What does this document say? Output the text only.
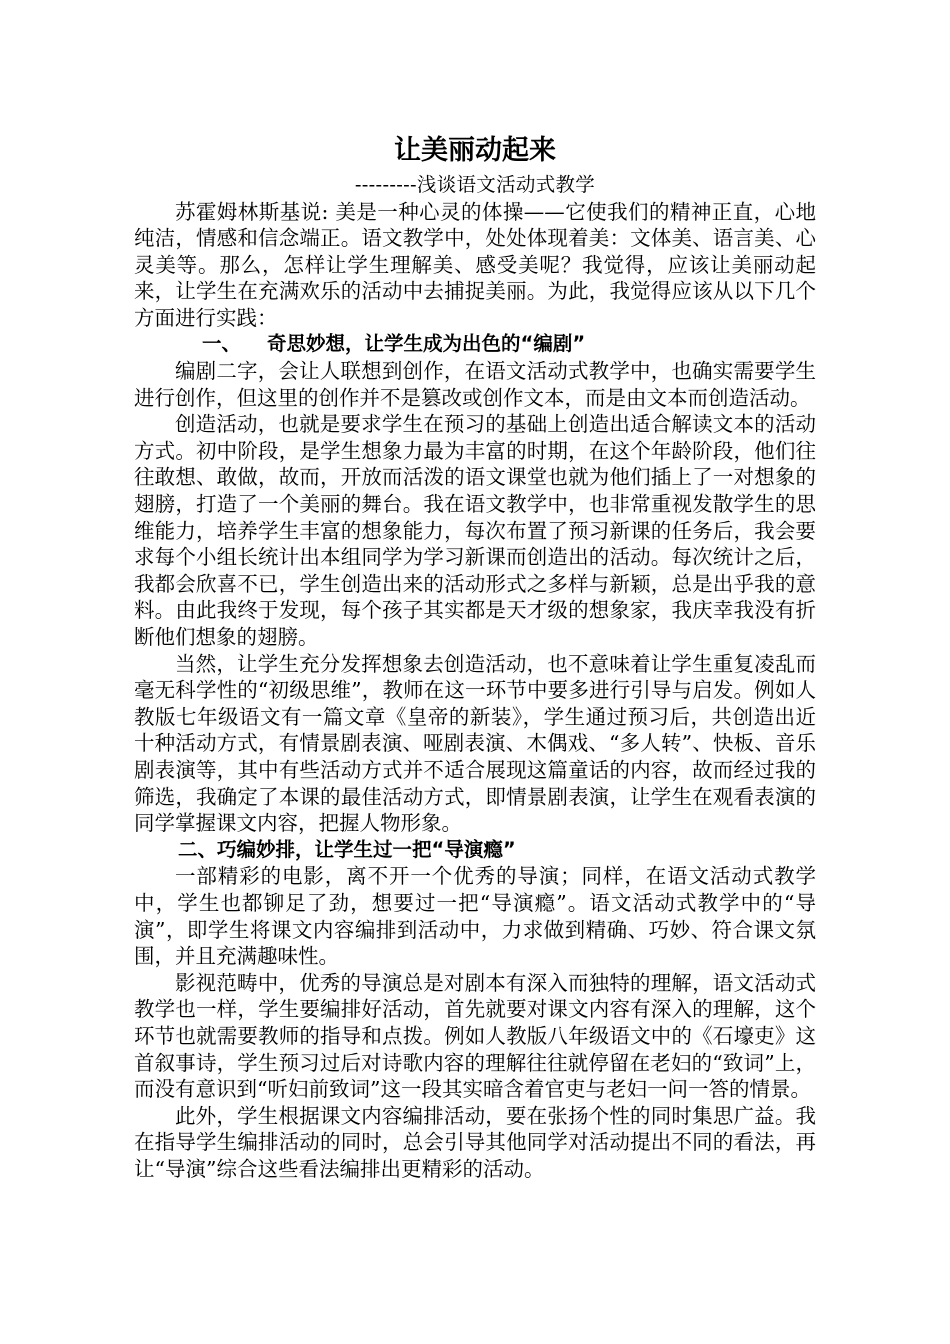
让美丽动起来

---------浅谈语文活动式教学

苏霍姆林斯基说: 美是一种心灵的体操——它使我们的精神正直，心地纯洁，情感和信念端正。语文教学中，处处体现着美：文体美、语言美、心灵美等。那么，怎样让学生理解美、感受美呢？我觉得，应该让美丽动起来，让学生在充满欢乐的活动中去捕捉美丽。为此，我觉得应该从以下几个方面进行实践：

一、 奇思妙想，让学生成为出色的“编剧”

编剧二字，会让人联想到创作，在语文活动式教学中，也确实需要学生进行创作，但这里的创作并不是篡改或创作文本，而是由文本而创造活动。

创造活动，也就是要求学生在预习的基础上创造出适合解读文本的活动方式。初中阶段，是学生想象力最为丰富的时期，在这个年龄阶段，他们往往敢想、敢做，故而，开放而活泼的语文课堂也就为他们插上了一对想象的翅膀，打造了一个美丽的舞台。我在语文教学中，也非常重视发散学生的思维能力，培养学生丰富的想象能力，每次布置了预习新课的任务后，我会要求每个小组长统计出本组同学为学习新课而创造出的活动。每次统计之后，我都会欣喜不已，学生创造出来的活动形式之多样与新颖，总是出乎我的意料。由此我终于发现，每个孩子其实都是天才级的想象家，我庆幸我没有折断他们想象的翅膀。

当然，让学生充分发挥想象去创造活动，也不意味着让学生重复凌乱而毫无科学性的“初级思维”，教师在这一环节中要多进行引导与启发。例如人教版七年级语文有一篇文章《皇帝的新装》，学生通过预习后，共创造出近十种活动方式，有情景剧表演、哑剧表演、木偶戏、“多人转”、快板、音乐剧表演等，其中有些活动方式并不适合展现这篇童话的内容，故而经过我的筛选，我确定了本课的最佳活动方式，即情景剧表演，让学生在观看表演的同学掌握课文内容，把握人物形象。

二、巧编妙排，让学生过一把“导演瘾”

一部精彩的电影，离不开一个优秀的导演；同样，在语文活动式教学中，学生也都铆足了劲，想要过一把“导演瘾”。语文活动式教学中的“导演”，即学生将课文内容编排到活动中，力求做到精确、巧妙、符合课文氛围，并且充满趣味性。

影视范畴中，优秀的导演总是对剧本有深入而独特的理解，语文活动式教学也一样，学生要编排好活动，首先就要对课文内容有深入的理解，这个环节也就需要教师的指导和点拨。例如人教版八年级语文中的《石壕吏》这首叙事诗，学生预习过后对诗歌内容的理解往往就停留在老妇的“致词”上，而没有意识到“听妇前致词”这一段其实暗含着官吏与老妇一问一答的情景。

此外，学生根据课文内容编排活动，要在张扬个性的同时集思广益。我在指导学生编排活动的同时，总会引导其他同学对活动提出不同的看法，再让“导演”综合这些看法编排出更精彩的活动。
